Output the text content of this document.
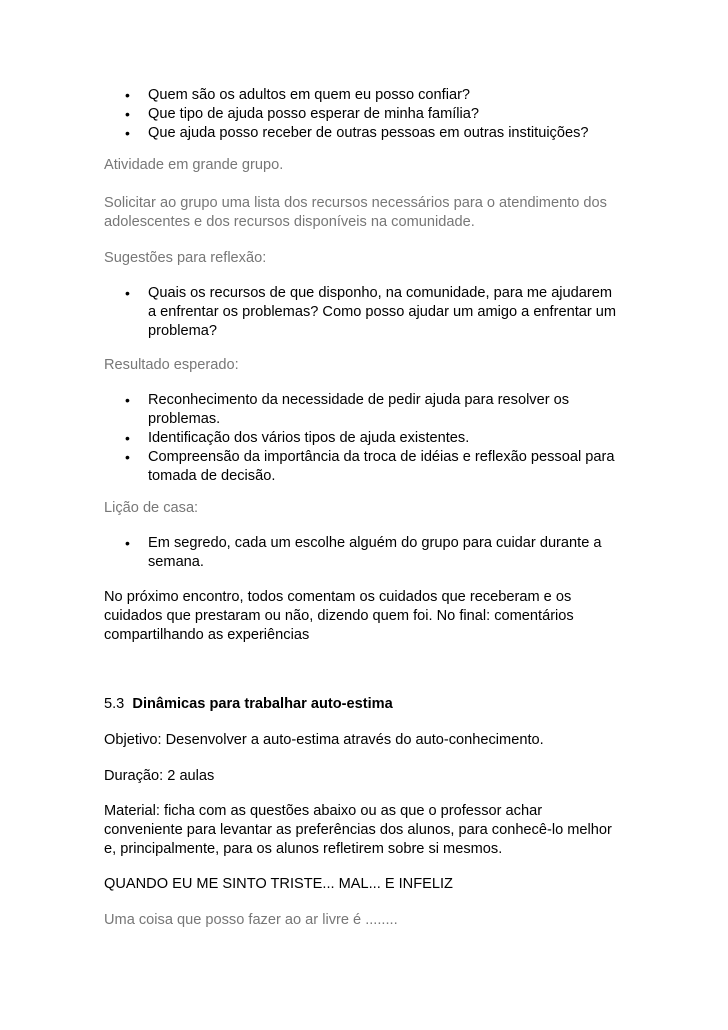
• Quem são os adultos em quem eu posso confiar?
• Que tipo de ajuda posso esperar de minha família?
• Que ajuda posso receber de outras pessoas em outras instituições?

Atividade em grande grupo.

Solicitar ao grupo uma lista dos recursos necessários para o atendimento dos adolescentes e dos recursos disponíveis na comunidade.

Sugestões para reflexão:

• Quais os recursos de que disponho, na comunidade, para me ajudarem a enfrentar os problemas? Como posso ajudar um amigo a enfrentar um problema?

Resultado esperado:

• Reconhecimento da necessidade de pedir ajuda para resolver os problemas.
• Identificação dos vários tipos de ajuda existentes.
• Compreensão da importância da troca de idéias e reflexão pessoal para tomada de decisão.

Lição de casa:

• Em segredo, cada um escolhe alguém do grupo para cuidar durante a semana.

No próximo encontro, todos comentam os cuidados que receberam e os cuidados que prestaram ou não, dizendo quem foi. No final: comentários compartilhando as experiências

5.3 Dinâmicas para trabalhar auto-estima

Objetivo: Desenvolver a auto-estima através do auto-conhecimento.

Duração: 2 aulas

Material: ficha com as questões abaixo ou as que o professor achar conveniente para levantar as preferências dos alunos, para conhecê-lo melhor e, principalmente, para os alunos refletirem sobre si mesmos.

QUANDO EU ME SINTO TRISTE... MAL... E INFELIZ

Uma coisa que posso fazer ao ar livre é ........
